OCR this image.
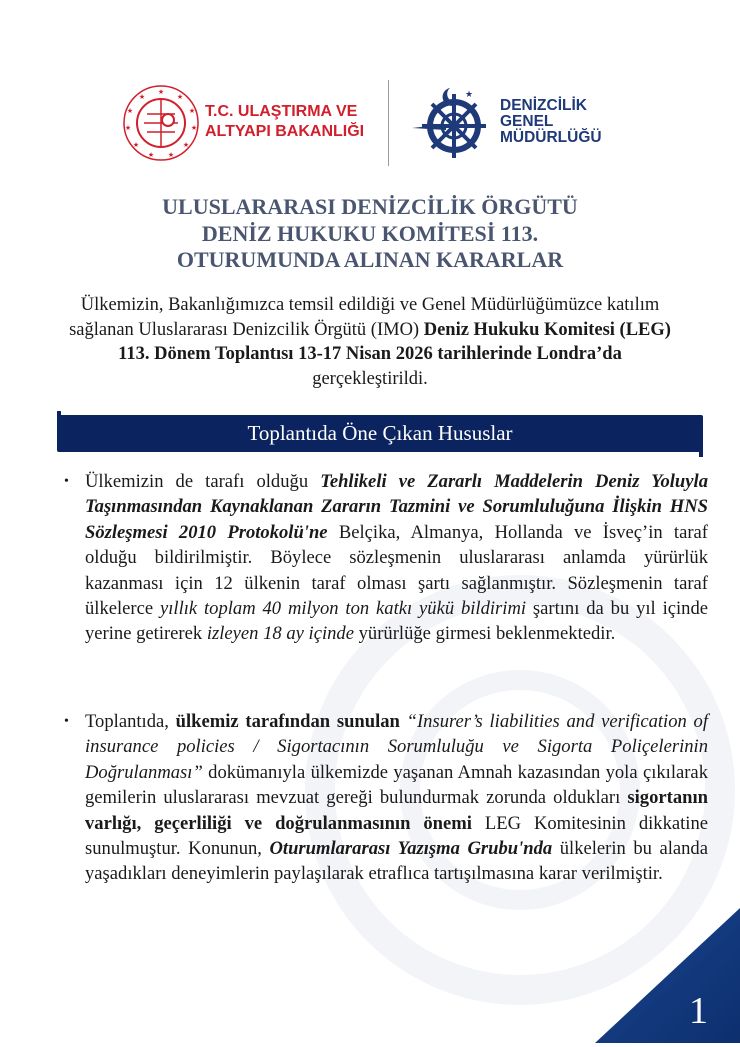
★
★
★
★
★
★
★
★
★
★
★
T.C. ULAŞTIRMA VE
ALTYAPI BAKANLIĞI
★
DENİZCİLİK
GENEL
MÜDÜRLÜĞÜ
ULUSLARARASI DENİZCİLİK ÖRGÜTÜ
DENİZ HUKUKU KOMİTESİ 113.
OTURUMUNDA ALINAN KARARLAR
Ülkemizin, Bakanlığımızca temsil edildiği ve Genel Müdürlüğümüzce katılım sağlanan Uluslararası Denizcilik Örgütü (IMO) Deniz Hukuku Komitesi (LEG) 113. Dönem Toplantısı 13-17 Nisan 2026 tarihlerinde Londra’da gerçekleştirildi.
Toplantıda Öne Çıkan Hususlar
• Ülkemizin de tarafı olduğu Tehlikeli ve Zararlı Maddelerin Deniz Yoluyla Taşınmasından Kaynaklanan Zararın Tazmini ve Sorumluluğuna İlişkin HNS Sözleşmesi 2010 Protokolü'ne Belçika, Almanya, Hollanda ve İsveç’in taraf olduğu bildirilmiştir. Böylece sözleşmenin uluslararası anlamda yürürlük kazanması için 12 ülkenin taraf olması şartı sağlanmıştır. Sözleşmenin taraf ülkelerce yıllık toplam 40 milyon ton katkı yükü bildirimi şartını da bu yıl içinde yerine getirerek izleyen 18 ay içinde yürürlüğe girmesi beklenmektedir.
• Toplantıda, ülkemiz tarafından sunulan “Insurer’s liabilities and verification of insurance policies / Sigortacının Sorumluluğu ve Sigorta Poliçelerinin Doğrulanması” dokümanıyla ülkemizde yaşanan Amnah kazasından yola çıkılarak gemilerin uluslararası mevzuat gereği bulundurmak zorunda oldukları sigortanın varlığı, geçerliliği ve doğrulanmasının önemi LEG Komitesinin dikkatine sunulmuştur. Konunun, Oturumlararası Yazışma Grubu'nda ülkelerin bu alanda yaşadıkları deneyimlerin paylaşılarak etraflıca tartışılmasına karar verilmiştir.
1
